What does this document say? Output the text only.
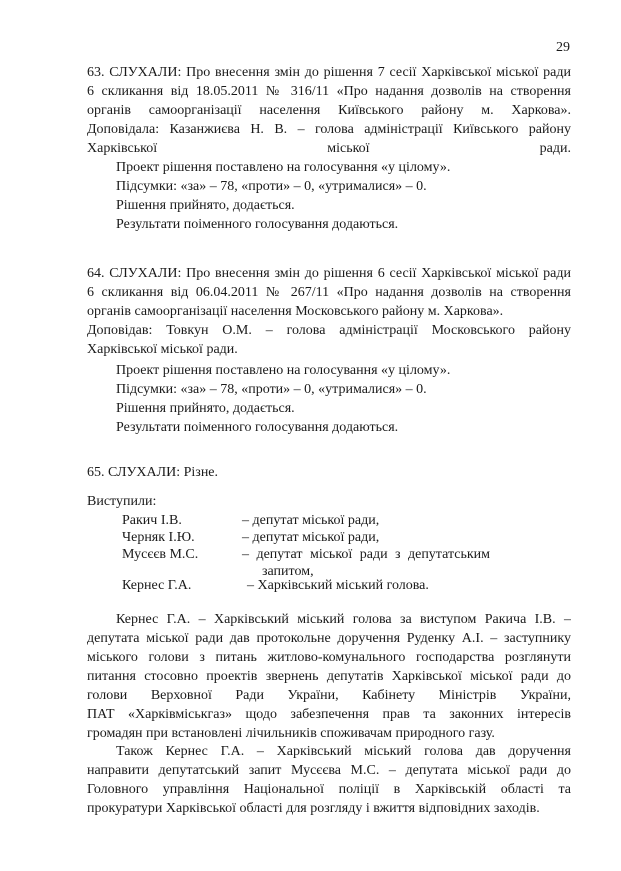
29
63. СЛУХАЛИ: Про внесення змін до рішення 7 сесії Харківської міської ради
6 скликання від 18.05.2011 № 316/11 «Про надання дозволів на створення
органів самоорганізації населення Київського району м. Харкова».
Доповідала: Казанжиєва Н. В. – голова адміністрації Київського району
Харківської міської ради.
Проект рішення поставлено на голосування «у цілому».
Підсумки: «за» – 78, «проти» – 0, «утрималися» – 0.
Рішення прийнято, додається.
Результати поіменного голосування додаються.
64. СЛУХАЛИ: Про внесення змін до рішення 6 сесії Харківської міської ради
6 скликання від 06.04.2011 № 267/11 «Про надання дозволів на створення
органів самоорганізації населення Московського району м. Харкова».
Доповідав: Товкун О.М. – голова адміністрації Московського району
Харківської міської ради.
Проект рішення поставлено на голосування «у цілому».
Підсумки: «за» – 78, «проти» – 0, «утрималися» – 0.
Рішення прийнято, додається.
Результати поіменного голосування додаються.
65. СЛУХАЛИ: Різне.
Виступили:
Ракич І.В.	– депутат міської ради,
Черняк І.Ю.	– депутат міської ради,
Мусєєв М.С.	– депутат міської ради з депутатським
запитом,
Кернес Г.А.	– Харківський міський голова.
Кернес Г.А. – Харківський міський голова за виступом Ракича І.В. –
депутата міської ради дав протокольне доручення Руденку А.І. – заступнику
міського голови з питань житлово-комунального господарства розглянути
питання стосовно проектів звернень депутатів Харківської міської ради до
голови Верховної Ради України, Кабінету Міністрів України,
ПАТ «Харківміськгаз» щодо забезпечення прав та законних інтересів
громадян при встановлені лічильників споживачам природного газу.
Також Кернес Г.А. – Харківський міський голова дав доручення
направити депутатський запит Мусєєва М.С. – депутата міської ради до
Головного управління Національної поліції в Харківській області та
прокуратури Харківської області для розгляду і вжиття відповідних заходів.
